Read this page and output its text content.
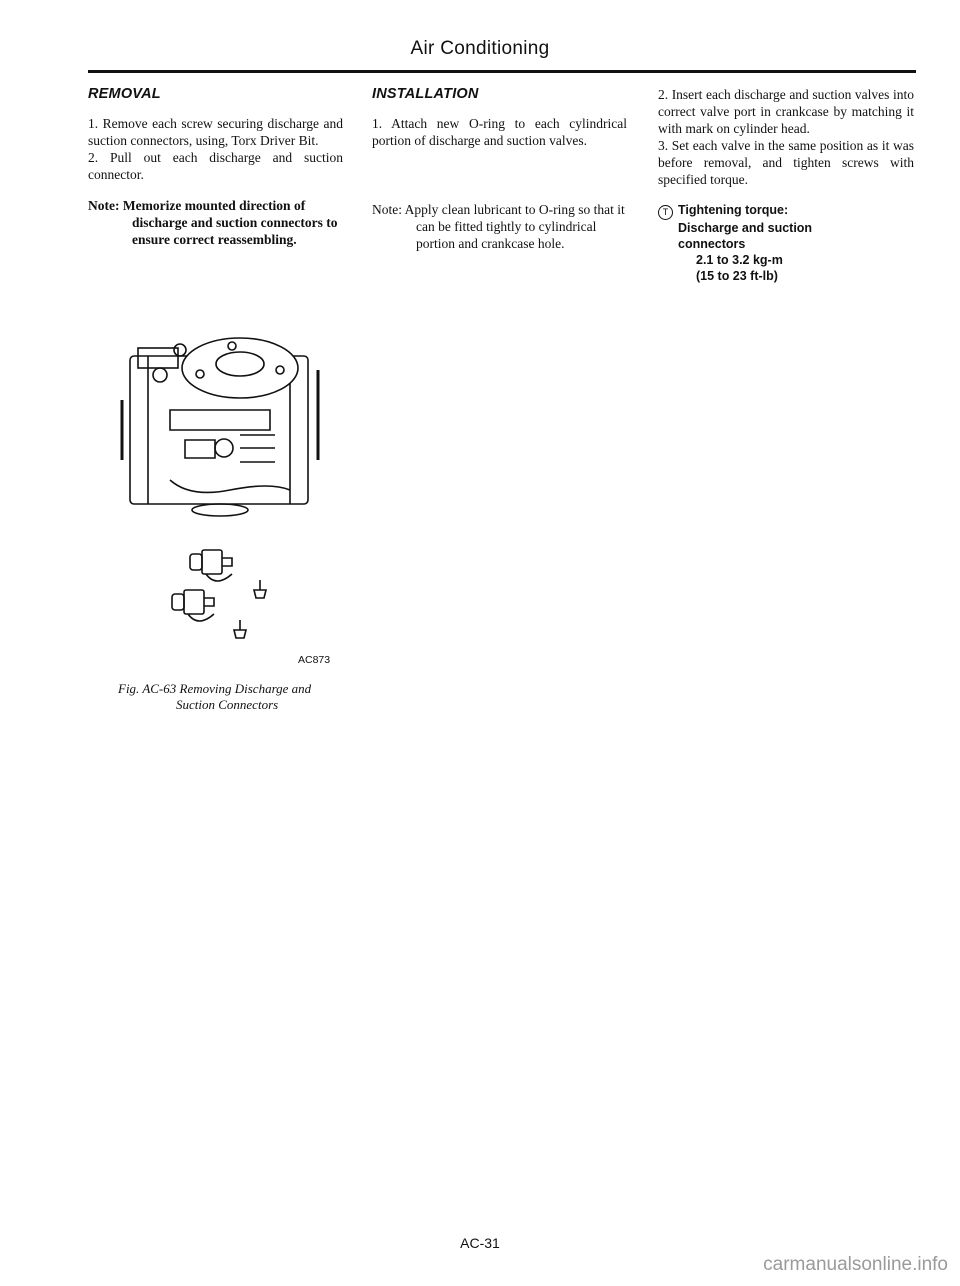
Air Conditioning
REMOVAL

1. Remove each screw securing discharge and suction connectors, using, Torx Driver Bit.

2. Pull out each discharge and suction connector.

Note: Memorize mounted direction of discharge and suction connectors to ensure correct reassembling.

AC873
Fig. AC-63 Removing Discharge and
Suction Connectors
INSTALLATION

1. Attach new O-ring to each cylindrical portion of discharge and suction valves.

Note: Apply clean lubricant to O-ring so that it can be fitted tightly to cylindrical portion and crankcase hole.

2. Insert each discharge and suction valves into correct valve port in crankcase by matching it with mark on cylinder head.

3. Set each valve in the same position as it was before removal, and tighten screws with specified torque.

T Tightening torque:
Discharge and suction
connectors
2.1 to 3.2 kg-m
(15 to 23 ft-lb)
AC-31
carmanualsonline.info
